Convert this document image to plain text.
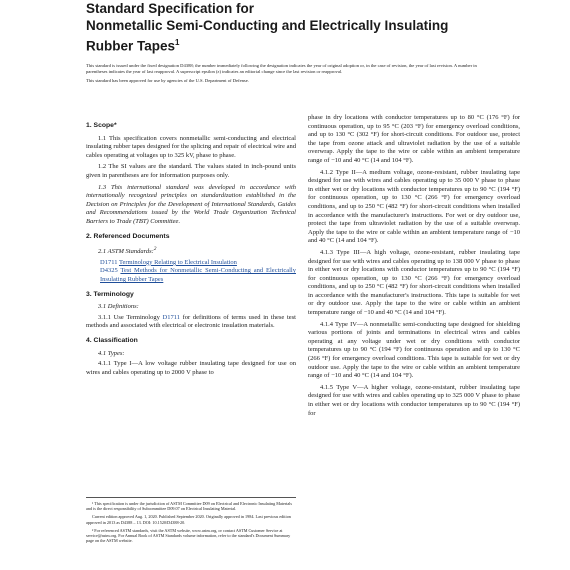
Standard Specification for
Nonmetallic Semi-Conducting and Electrically Insulating
Rubber Tapes$^1$

This standard is issued under the fixed designation D4388; the number immediately following the designation indicates the year of original adoption or, in the case of revision, the year of last revision. A number in parentheses indicates the year of last reapproval. A superscript epsilon (ε) indicates an editorial change since the last revision or reapproval.

This standard has been approved for use by agencies of the U.S. Department of Defense.

1. Scope*

1.1 This specification covers nonmetallic semi-conducting and electrical insulating rubber tapes designed for the splicing and repair of electrical wire and cables operating at voltages up to 325 kV, phase to phase.

1.2 The SI values are the standard. The values stated in inch-pound units given in parentheses are for information purposes only.

1.3 This international standard was developed in accordance with internationally recognized principles on standardization established in the Decision on Principles for the Development of International Standards, Guides and Recommendations issued by the World Trade Organization Technical Barriers to Trade (TBT) Committee.

2. Referenced Documents
2.1 ASTM Standards:$^2$
D1711 Terminology Relating to Electrical Insulation
D4325 Test Methods for Nonmetallic Semi-Conducting and Electrically Insulating Rubber Tapes
3. Terminology
3.1 Definitions:

3.1.1 Use Terminology D1711 for definitions of terms used in these test methods and associated with electrical or electronic insulation materials.

4. Classification
4.1 Types:

4.1.1 Type I—A low voltage rubber insulating tape designed for use on wires and cables operating up to 2000 V phase to

¹ This specification is under the jurisdiction of ASTM Committee D09 on Electrical and Electronic Insulating Materials and is the direct responsibility of Subcommittee D09.07 on Electrical Insulating Material.

Current edition approved Aug. 1, 2020. Published September 2020. Originally approved in 1984. Last previous edition approved in 2013 as D4388 – 13. DOI: 10.1520/D4388-20.

² For referenced ASTM standards, visit the ASTM website, www.astm.org, or contact ASTM Customer Service at service@astm.org. For Annual Book of ASTM Standards volume information, refer to the standard's Document Summary page on the ASTM website.

phase in dry locations with conductor temperatures up to 80 °C (176 °F) for continuous operation, up to 95 °C (203 °F) for emergency overload conditions, and up to 130 °C (302 °F) for short-circuit conditions. For outdoor use, protect the tape from ozone attack and ultraviolet radiation by the use of a suitable overwrap. Apply the tape to the wire or cable within an ambient temperature range of −10 and 40 °C (14 and 104 °F).

4.1.2 Type II—A medium voltage, ozone-resistant, rubber insulating tape designed for use with wires and cables operating up to 35 000 V phase to phase in either wet or dry locations with conductor temperatures up to 90 °C (194 °F) for continuous operation, up to 130 °C (266 °F) for emergency overload conditions, and up to 250 °C (482 °F) for short-circuit conditions when installed in accordance with the manufacturer's instructions. For wet or dry outdoor use, protect the tape from ultraviolet radiation by the use of a suitable overwrap. Apply the tape to the wire or cable within an ambient temperature range of −10 and 40 °C (14 and 104 °F).

4.1.3 Type III—A high voltage, ozone-resistant, rubber insulating tape designed for use with wires and cables operating up to 138 000 V phase to phase in either wet or dry locations with conductor temperatures up to 90 °C (194 °F) for continuous operation, up to 130 °C (266 °F) for emergency overload conditions, and up to 250 °C (482 °F) for short-circuit conditions when installed in accordance with the manufacturer's instructions. This tape is suitable for wet or dry outdoor use. Apply the tape to the wire or cable within an ambient temperature range of −10 and 40 °C (14 and 104 °F).

4.1.4 Type IV—A nonmetallic semi-conducting tape designed for shielding various portions of joints and terminations in electrical wires and cables operating at any voltage under wet or dry conditions with conductor temperatures up to 90 °C (194 °F) for continuous operation and up to 130 °C (266 °F) for emergency overload conditions. This tape is suitable for wet or dry outdoor use. Apply the tape to the wire or cable within an ambient temperature range of −10 and 40 °C (14 and 104 °F).

4.1.5 Type V—A higher voltage, ozone-resistant, rubber insulating tape designed for use with wires and cables operating up to 325 000 V phase to phase in either wet or dry locations with conductor temperatures up to 90 °C (194 °F) for
